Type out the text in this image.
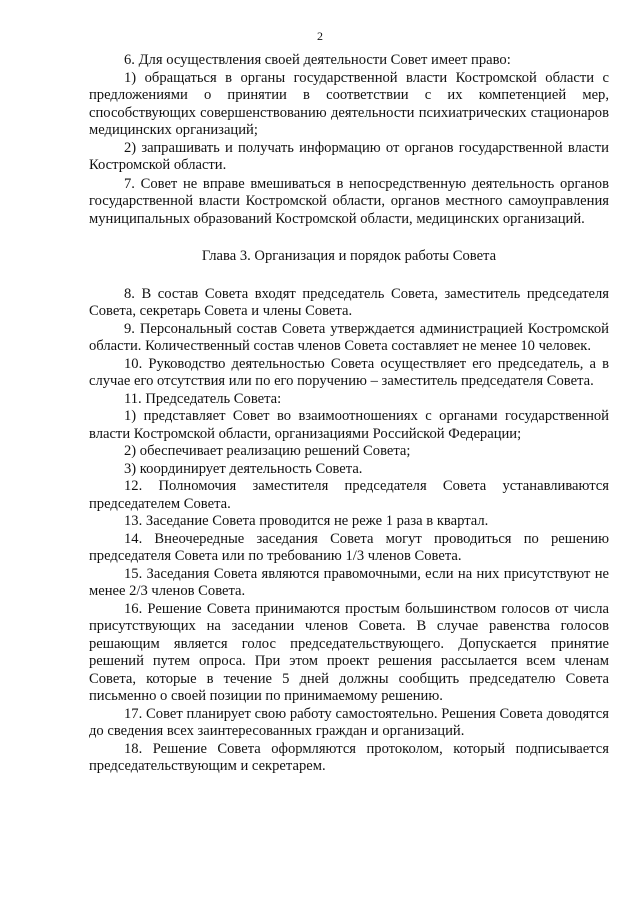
2

6. Для осуществления своей деятельности Совет имеет право:

1) обращаться в органы государственной власти Костромской области с предложениями о принятии в соответствии с их компетенцией мер, способствующих совершенствованию деятельности психиатрических стационаров медицинских организаций;

2) запрашивать и получать информацию от органов государственной власти Костромской области.

7. Совет не вправе вмешиваться в непосредственную деятельность органов государственной власти Костромской области, органов местного самоуправления муниципальных образований Костромской области, медицинских организаций.

Глава 3. Организация и порядок работы Совета

8. В состав Совета входят председатель Совета, заместитель председателя Совета, секретарь Совета и члены Совета.

9. Персональный состав Совета утверждается администрацией Костромской области. Количественный состав членов Совета составляет не менее 10 человек.

10. Руководство деятельностью Совета осуществляет его председатель, а в случае его отсутствия или по его поручению – заместитель председателя Совета.

11. Председатель Совета:

1) представляет Совет во взаимоотношениях с органами государственной власти Костромской области, организациями Российской Федерации;

2) обеспечивает реализацию решений Совета;

3) координирует деятельность Совета.

12. Полномочия заместителя председателя Совета устанавливаются председателем Совета.

13. Заседание Совета проводится не реже 1 раза в квартал.

14. Внеочередные заседания Совета могут проводиться по решению председателя Совета или по требованию 1/3 членов Совета.

15. Заседания Совета являются правомочными, если на них присутствуют не менее 2/3 членов Совета.

16. Решение Совета принимаются простым большинством голосов от числа присутствующих на заседании членов Совета. В случае равенства голосов решающим является голос председательствующего. Допускается принятие решений путем опроса. При этом проект решения рассылается всем членам Совета, которые в течение 5 дней должны сообщить председателю Совета письменно о своей позиции по принимаемому решению.

17. Совет планирует свою работу самостоятельно. Решения Совета доводятся до сведения всех заинтересованных граждан и организаций.

18. Решение Совета оформляются протоколом, который подписывается председательствующим и секретарем.
